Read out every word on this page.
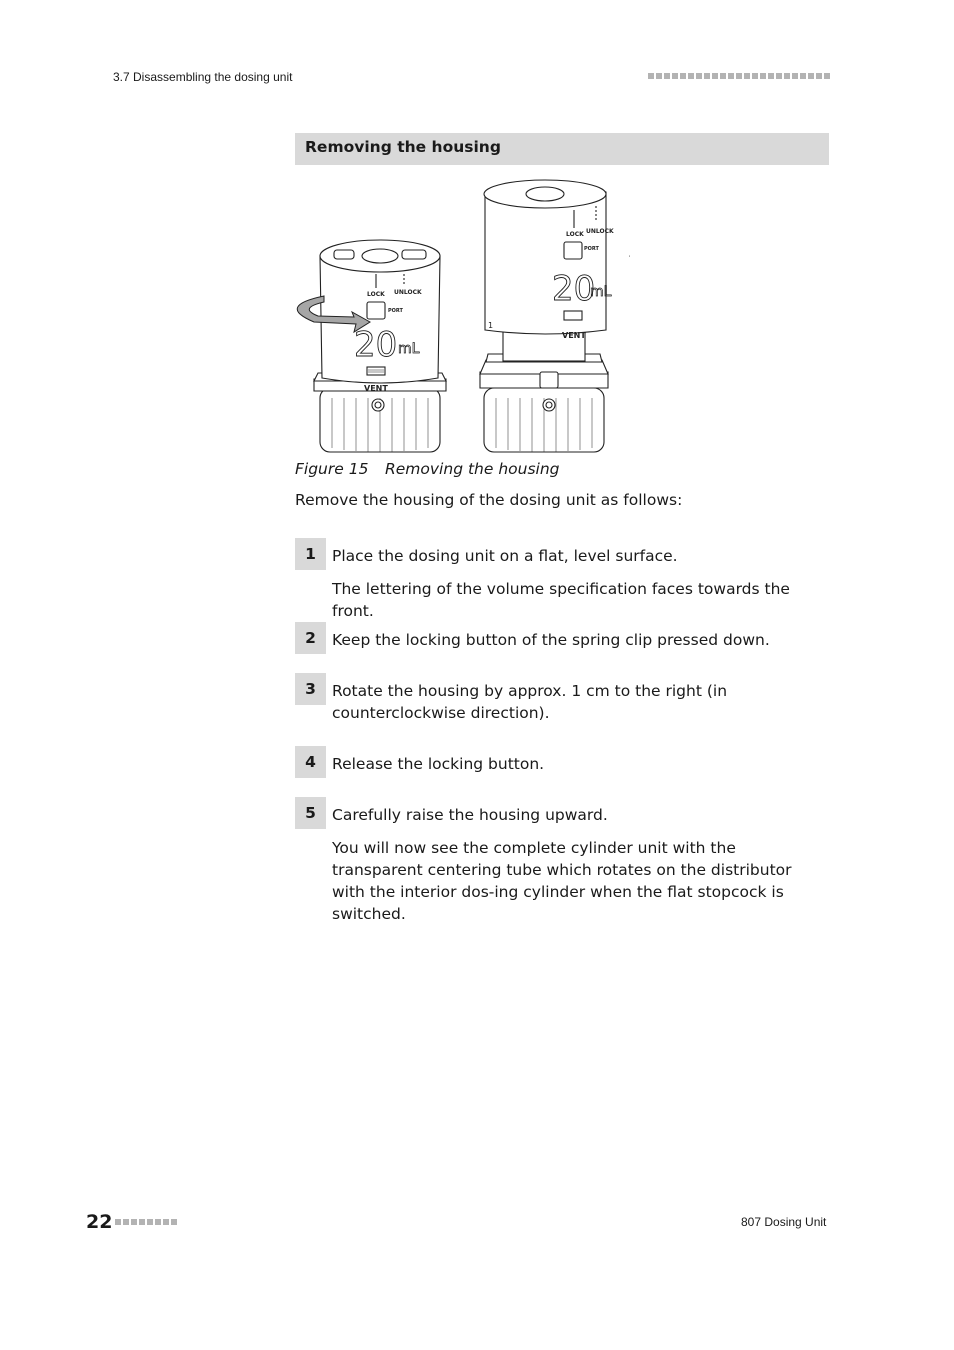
3.7 Disassembling the dosing unit
Removing the housing
1
LOCK UNLOCK
PORT
20 mL
VENT
LOCK UNLOCK
PORT
20
mL
VENT
Figure 15 Removing the housing
Remove the housing of the dosing unit as follows:
1	Place the dosing unit on a flat, level surface.
The lettering of the volume specification faces towards the front.
2	Keep the locking button of the spring clip pressed down.
3	Rotate the housing by approx. 1 cm to the right (in counterclockwise direction).
4	Release the locking button.
5	Carefully raise the housing upward.
You will now see the complete cylinder unit with the transparent centering tube which rotates on the distributor with the interior dos-ing cylinder when the flat stopcock is switched.
22	807 Dosing Unit
